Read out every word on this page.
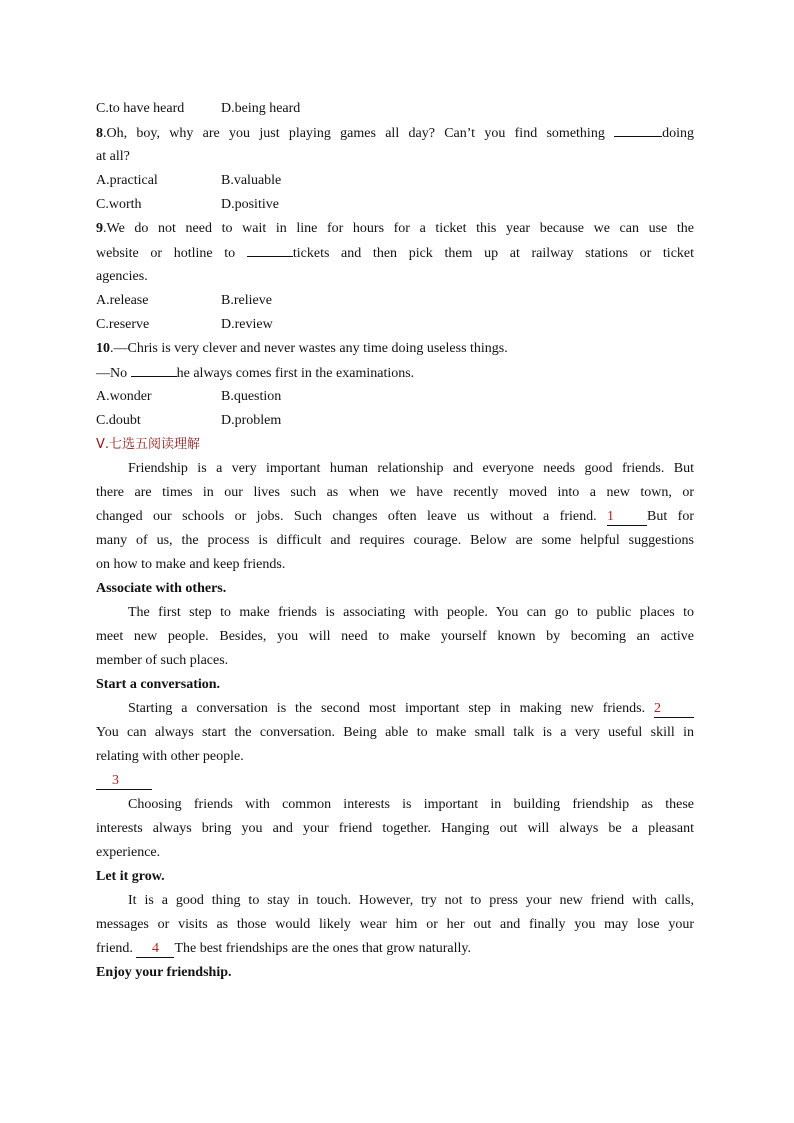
C.to have heard	D.being heard
8.Oh, boy, why are you just playing games all day? Can’t you find something	doing
at all?
A.practical	B.valuable
C.worth	D.positive
9.We do not need to wait in line for hours for a ticket this year because we can use the
website or hotline to	tickets and then pick them up at railway stations or ticket
agencies.
A.release	B.relieve
C.reserve	D.review
10.—Chris is very clever and never wastes any time doing useless things.
—No	he always comes first in the examinations.
A.wonder	B.question
C.doubt	D.problem
Ⅴ.七选五阅读理解
Friendship is a very important human relationship and everyone needs good friends. But
there are times in our lives such as when we have recently moved into a new town, or
changed our schools or jobs. Such changes often leave us without a friend. 1 But for
many of us, the process is difficult and requires courage. Below are some helpful suggestions
on how to make and keep friends.
Associate with others.
The first step to make friends is associating with people. You can go to public places to
meet new people. Besides, you will need to make yourself known by becoming an active
member of such places.
Start a conversation.
Starting a conversation is the second most important step in making new friends. 2
You can always start the conversation. Being able to make small talk is a very useful skill in
relating with other people.
3
Choosing friends with common interests is important in building friendship as these
interests always bring you and your friend together. Hanging out will always be a pleasant
experience.
Let it grow.
It is a good thing to stay in touch. However, try not to press your new friend with calls,
messages or visits as those would likely wear him or her out and finally you may lose your
friend. 4 The best friendships are the ones that grow naturally.
Enjoy your friendship.
